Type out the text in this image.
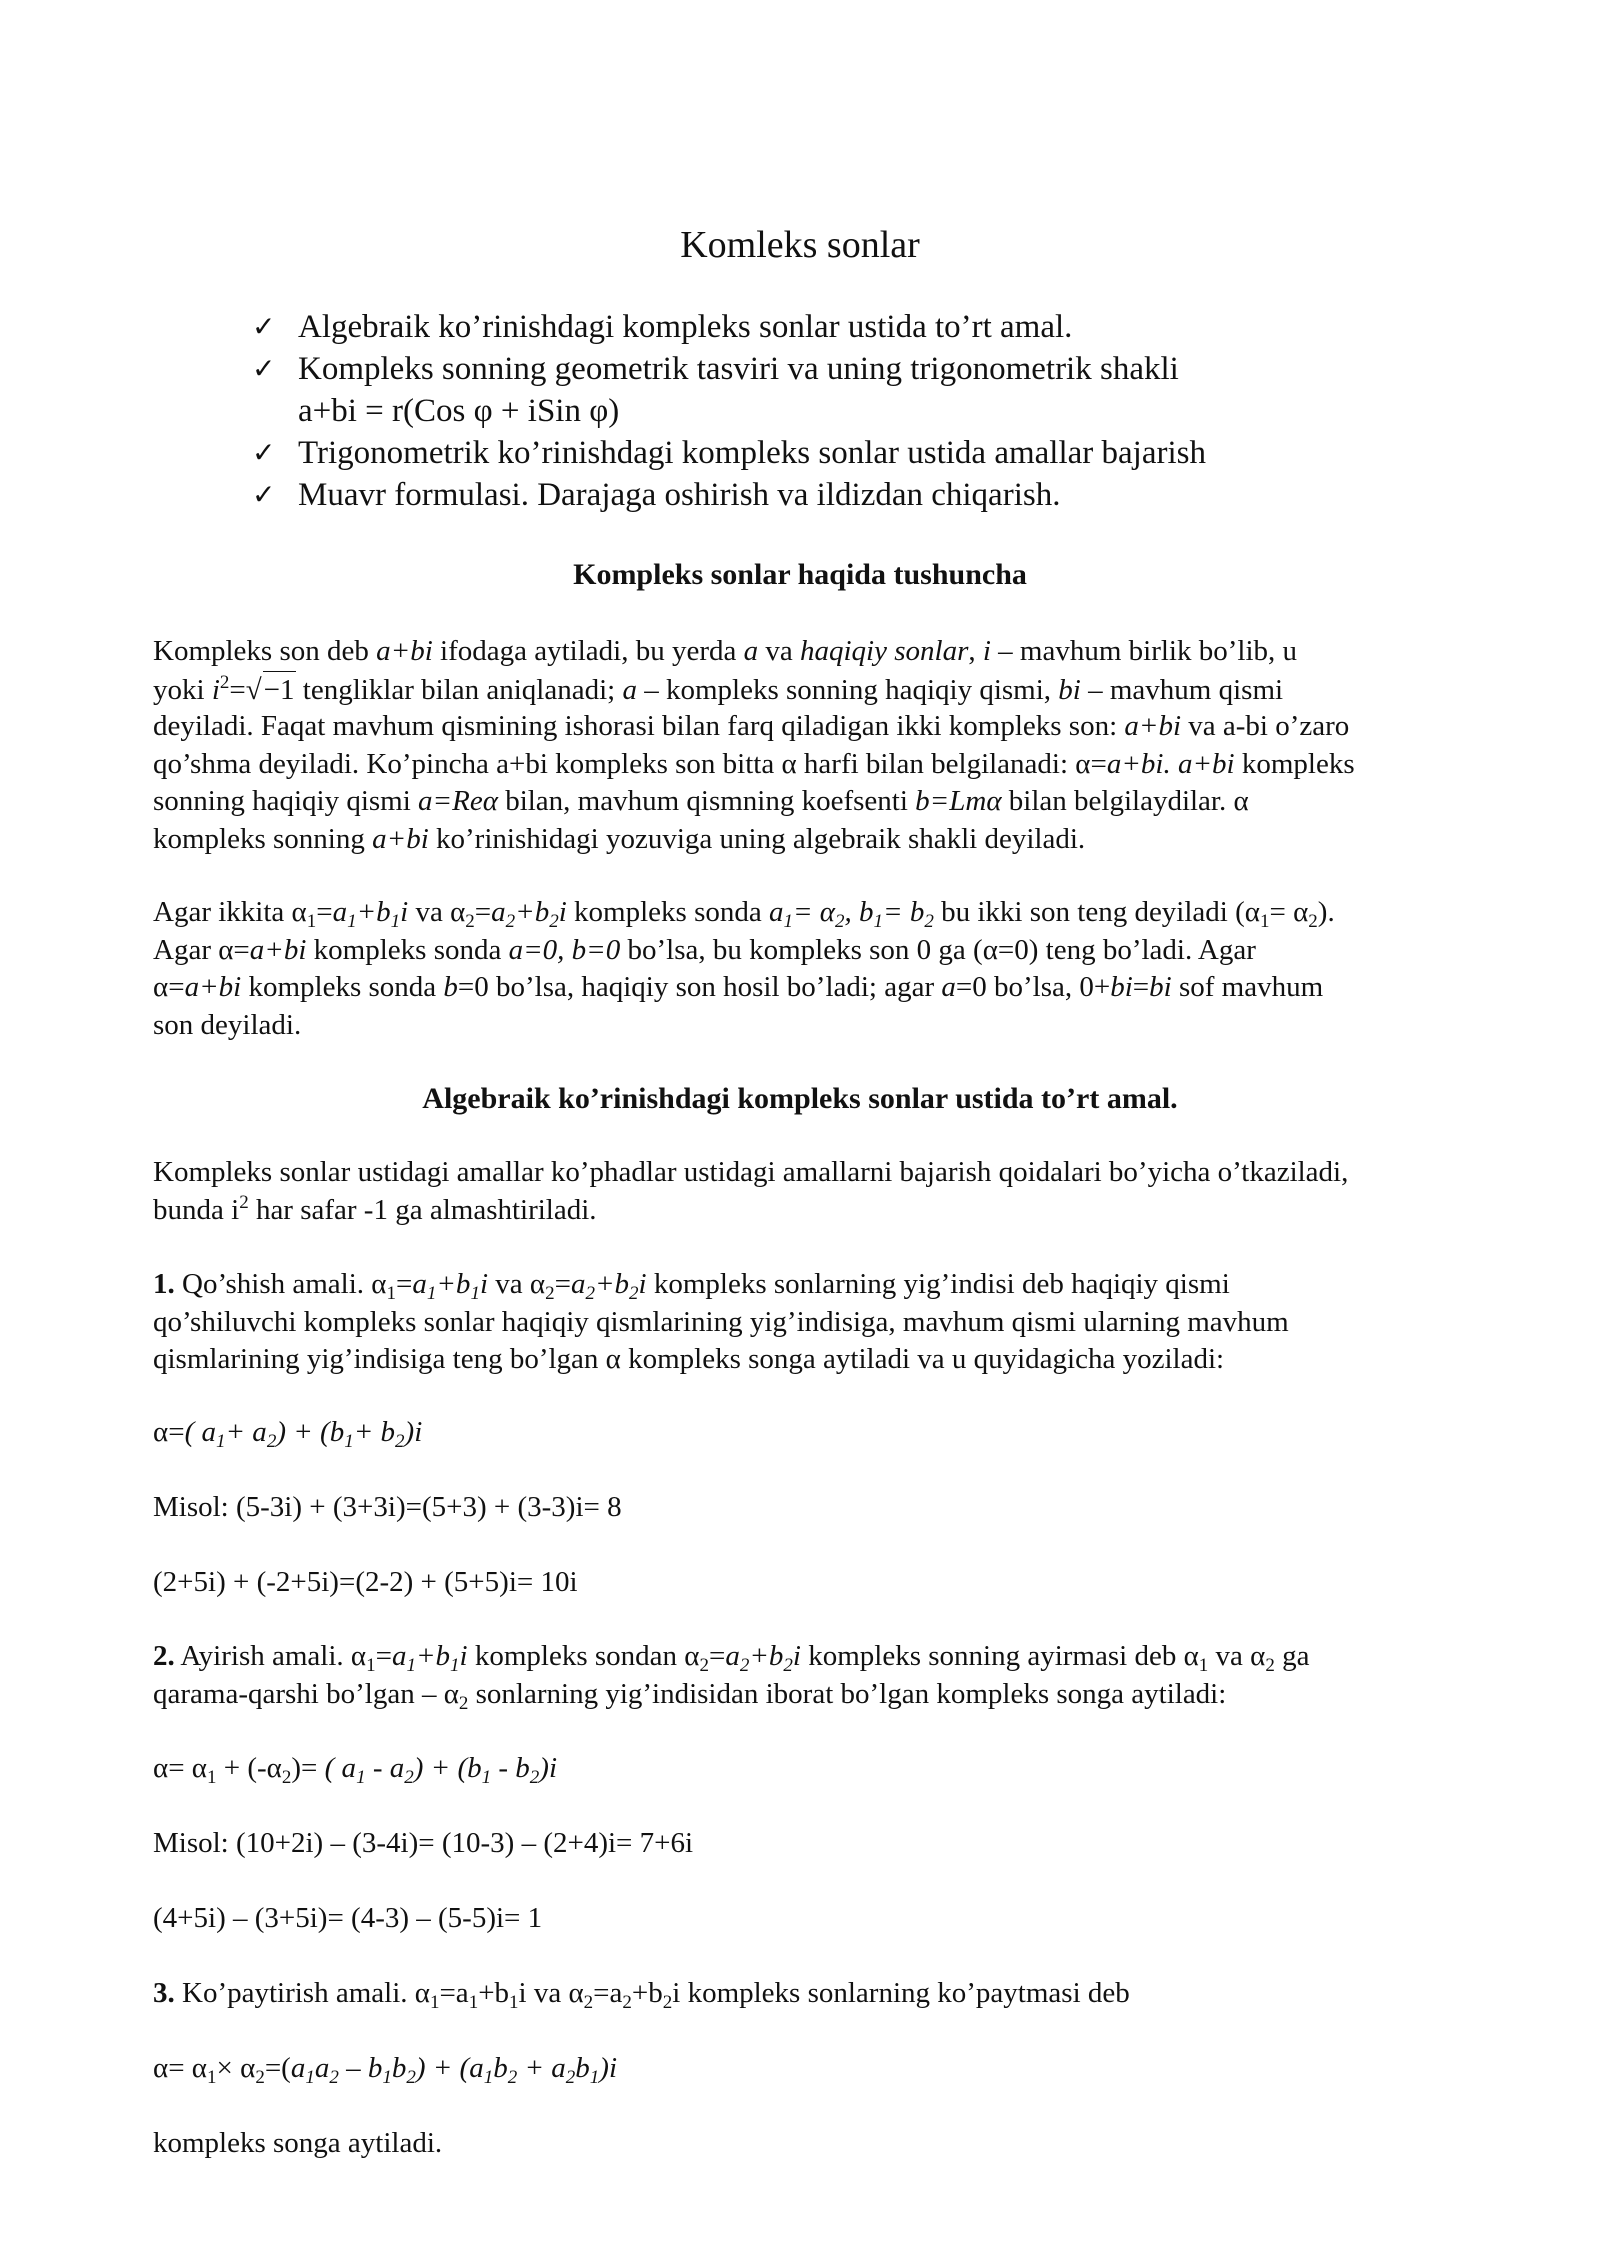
Komleks sonlar
✓ Algebraik ko’rinishdagi kompleks sonlar ustida to’rt amal.
✓ Kompleks sonning geometrik tasviri va uning trigonometrik shakli
a+bi = r(Cos φ + iSin φ)
✓ Trigonometrik ko’rinishdagi kompleks sonlar ustida amallar bajarish
✓ Muavr formulasi. Darajaga oshirish va ildizdan chiqarish.
Kompleks sonlar haqida tushuncha
Kompleks son deb a+bi ifodaga aytiladi, bu yerda a va haqiqiy sonlar, i – mavhum birlik bo’lib, u
yoki $i^2=√-1$ tengliklar bilan aniqlanadi; a – kompleks sonning haqiqiy qismi, bi – mavhum qismi
deyiladi. Faqat mavhum qismining ishorasi bilan farq qiladigan ikki kompleks son: a+bi va a-bi o’zaro
qo’shma deyiladi. Ko’pincha a+bi kompleks son bitta α harfi bilan belgilanadi: α=a+bi. a+bi kompleks
sonning haqiqiy qismi a=Reα bilan, mavhum qismning koefsenti b=Lmα bilan belgilaydilar. α
kompleks sonning a+bi ko’rinishidagi yozuviga uning algebraik shakli deyiladi.
Agar ikkita $\alpha_1=a_1+b_1i$ va $\alpha_2=a_2+b_2i$ kompleks sonda $a_1= \alpha_2$, $b_1= b_2$ bu ikki son teng deyiladi $(\alpha_1= \alpha_2)$.
Agar α=a+bi kompleks sonda a=0, b=0 bo’lsa, bu kompleks son 0 ga (α=0) teng bo’ladi. Agar
α=a+bi kompleks sonda b=0 bo’lsa, haqiqiy son hosil bo’ladi; agar a=0 bo’lsa, 0+bi=bi sof mavhum
son deyiladi.
Algebraik ko’rinishdagi kompleks sonlar ustida to’rt amal.
Kompleks sonlar ustidagi amallar ko’phadlar ustidagi amallarni bajarish qoidalari bo’yicha o’tkaziladi,
bunda $i^2$ har safar -1 ga almashtiriladi.
1. Qo’shish amali. $\alpha_1=a_1+b_1i$ va $\alpha_2=a_2+b_2i$ kompleks sonlarning yig’indisi deb haqiqiy qismi
qo’shiluvchi kompleks sonlar haqiqiy qismlarining yig’indisiga, mavhum qismi ularning mavhum
qismlarining yig’indisiga teng bo’lgan α kompleks songa aytiladi va u quyidagicha yoziladi:
α=( $a_1+ a_2) + (b_1+ b_2)i$
Misol: (5-3i) + (3+3i)=(5+3) + (3-3)i= 8
(2+5i) + (-2+5i)=(2-2) + (5+5)i= 10i
2. Ayirish amali. $\alpha_1=a_1+b_1i$ kompleks sondan $\alpha_2=a_2+b_2i$ kompleks sonning ayirmasi deb $\alpha_1$ va $\alpha_2$ ga
qarama-qarshi bo’lgan – $\alpha_2$ sonlarning yig’indisidan iborat bo’lgan kompleks songa aytiladi:
$\alpha= \alpha_1 + (-\alpha_2)=$ ( $a_1 - a_2) + (b_1 - b_2)i$
Misol: (10+2i) – (3-4i)= (10-3) – (2+4)i= 7+6i
(4+5i) – (3+5i)= (4-3) – (5-5)i= 1
3. Ko’paytirish amali. $\alpha_1=a_1+b_1i$ va $\alpha_2=a_2+b_2i$ kompleks sonlarning ko’paytmasi deb
$\alpha= \alpha_1\times \alpha_2=(a_1a_2 - b_1b_2) + (a_1b_2 + a_2b_1)i$
kompleks songa aytiladi.
